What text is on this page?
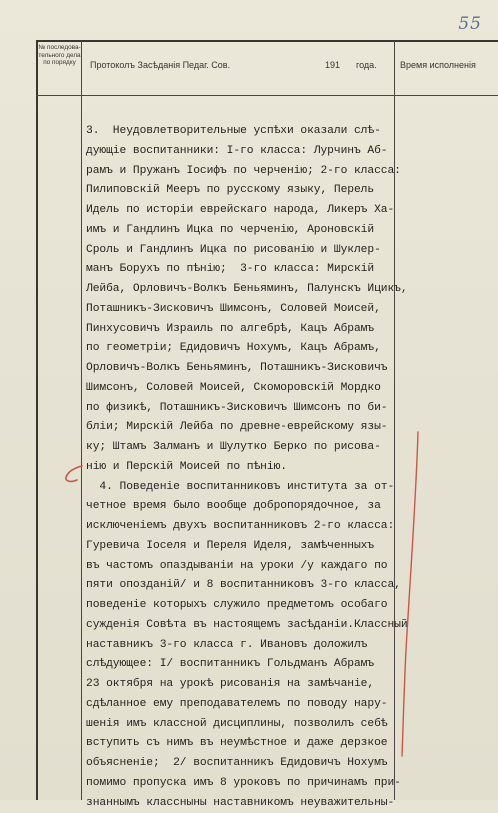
55
№ последова- тельного дела по порядку	Протоколъ Засѣданія Педаг. Сов.	191 года.	Время исполненія
3.  Неудовлетворительные успѣхи оказали слѣ-
дующіе воспитанники: I-го класса: Лурчинъ Аб-
рамъ и Пружанъ Іосифъ по черченію; 2-го класса:
Пилиповскій Мееръ по русскому языку, Перель
Идель по исторіи еврейскаго народа, Ликеръ Ха-
имъ и Гандлинъ Ицка по черченію, Ароновскій
Сроль и Гандлинъ Ицка по рисованію и Шуклер-
манъ Борухъ по пѣнію;  3-го класса: Мирскій
Лейба, Орловичъ-Волкъ Беньяминъ, Палунскъ Ицикъ,
Поташникъ-Зисковичъ Шимсонъ, Соловей Моисей,
Пинхусовичъ Израиль по алгебрѣ, Кацъ Абрамъ
по геометріи; Едидовичъ Нохумъ, Кацъ Абрамъ,
Орловичъ-Волкъ Беньяминъ, Поташникъ-Зисковичъ
Шимсонъ, Соловей Моисей, Скоморовскій Мордко
по физикѣ, Поташникъ-Зисковичъ Шимсонъ по би-
бліи; Мирскій Лейба по древне-еврейскому язы-
ку; Штамъ Залманъ и Шулутко Берко по рисова-
нію и Перскій Моисей по пѣнію.
4. Поведеніе воспитанниковъ института за от-
четное время было вообще добропорядочное, за
исключеніемъ двухъ воспитанниковъ 2-го класса:
Гуревича Іоселя и Переля Иделя, замѣченныхъ
въ частомъ опаздываніи на уроки /у каждаго по
пяти опозданій/ и 8 воспитанниковъ 3-го класса,
поведеніе которыхъ служило предметомъ особаго
сужденія Совѣта въ настоящемъ засѣданіи.Классный
наставникъ 3-го класса г. Ивановъ доложилъ
слѣдующее: I/ воспитанникъ Гольдманъ Абрамъ
23 октября на урокѣ рисованія на замѣчаніе,
сдѣланное ему преподавателемъ по поводу нару-
шенія имъ классной дисциплины, позволилъ себѣ
вступить съ нимъ въ неумѣстное и даже дерзкое
объясненіе;  2/ воспитанникъ Едидовичъ Нохумъ
помимо пропуска имъ 8 уроковъ по причинамъ при-
знаннымъ классныны наставникомъ неуважительны-
